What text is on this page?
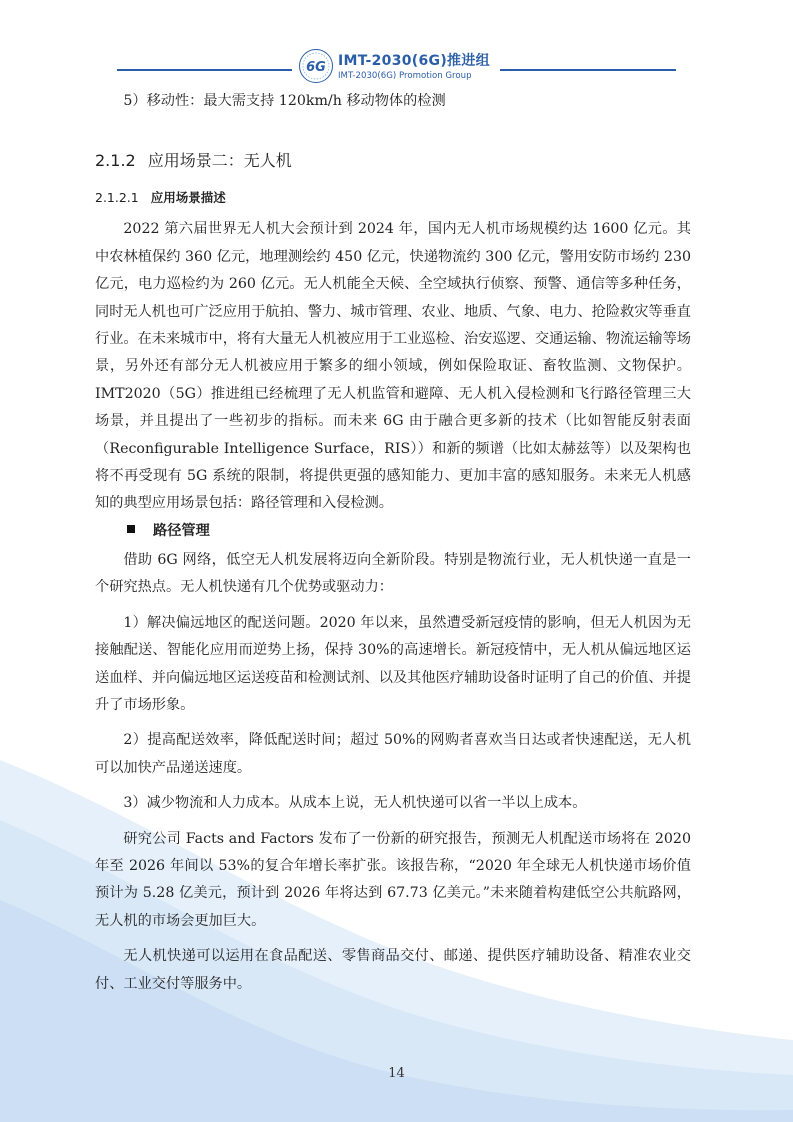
6G IMT-2030(6G)推进组
IMT-2030(6G) Promotion Group

5）移动性：最大需支持 120km/h 移动物体的检测

2.1.2 应用场景二：无人机
2.1.2.1 应用场景描述

2022 第六届世界无人机大会预计到 2024 年，国内无人机市场规模约达 1600 亿元。其中农林植保约 360 亿元，地理测绘约 450 亿元，快递物流约 300 亿元，警用安防市场约 230 亿元，电力巡检约为 260 亿元。无人机能全天候、全空域执行侦察、预警、通信等多种任务，同时无人机也可广泛应用于航拍、警力、城市管理、农业、地质、气象、电力、抢险救灾等垂直行业。在未来城市中，将有大量无人机被应用于工业巡检、治安巡逻、交通运输、物流运输等场景，另外还有部分无人机被应用于繁多的细小领域，例如保险取证、畜牧监测、文物保护。IMT2020（5G）推进组已经梳理了无人机监管和避障、无人机入侵检测和飞行路径管理三大场景，并且提出了一些初步的指标。而未来 6G 由于融合更多新的技术（比如智能反射表面（Reconfigurable Intelligence Surface，RIS））和新的频谱（比如太赫兹等）以及架构也将不再受现有 5G 系统的限制，将提供更强的感知能力、更加丰富的感知服务。未来无人机感知的典型应用场景包括：路径管理和入侵检测。

路径管理

借助 6G 网络，低空无人机发展将迈向全新阶段。特别是物流行业，无人机快递一直是一个研究热点。无人机快递有几个优势或驱动力：

1）解决偏远地区的配送问题。2020 年以来，虽然遭受新冠疫情的影响，但无人机因为无接触配送、智能化应用而逆势上扬，保持 30%的高速增长。新冠疫情中，无人机从偏远地区运送血样、并向偏远地区运送疫苗和检测试剂、以及其他医疗辅助设备时证明了自己的价值、并提升了市场形象。

2）提高配送效率，降低配送时间；超过 50%的网购者喜欢当日达或者快速配送，无人机可以加快产品递送速度。

3）减少物流和人力成本。从成本上说，无人机快递可以省一半以上成本。

研究公司 Facts and Factors 发布了一份新的研究报告，预测无人机配送市场将在 2020 年至 2026 年间以 53%的复合年增长率扩张。该报告称，“2020 年全球无人机快递市场价值预计为 5.28 亿美元，预计到 2026 年将达到 67.73 亿美元。”未来随着构建低空公共航路网，无人机的市场会更加巨大。

无人机快递可以运用在食品配送、零售商品交付、邮递、提供医疗辅助设备、精准农业交付、工业交付等服务中。

14
